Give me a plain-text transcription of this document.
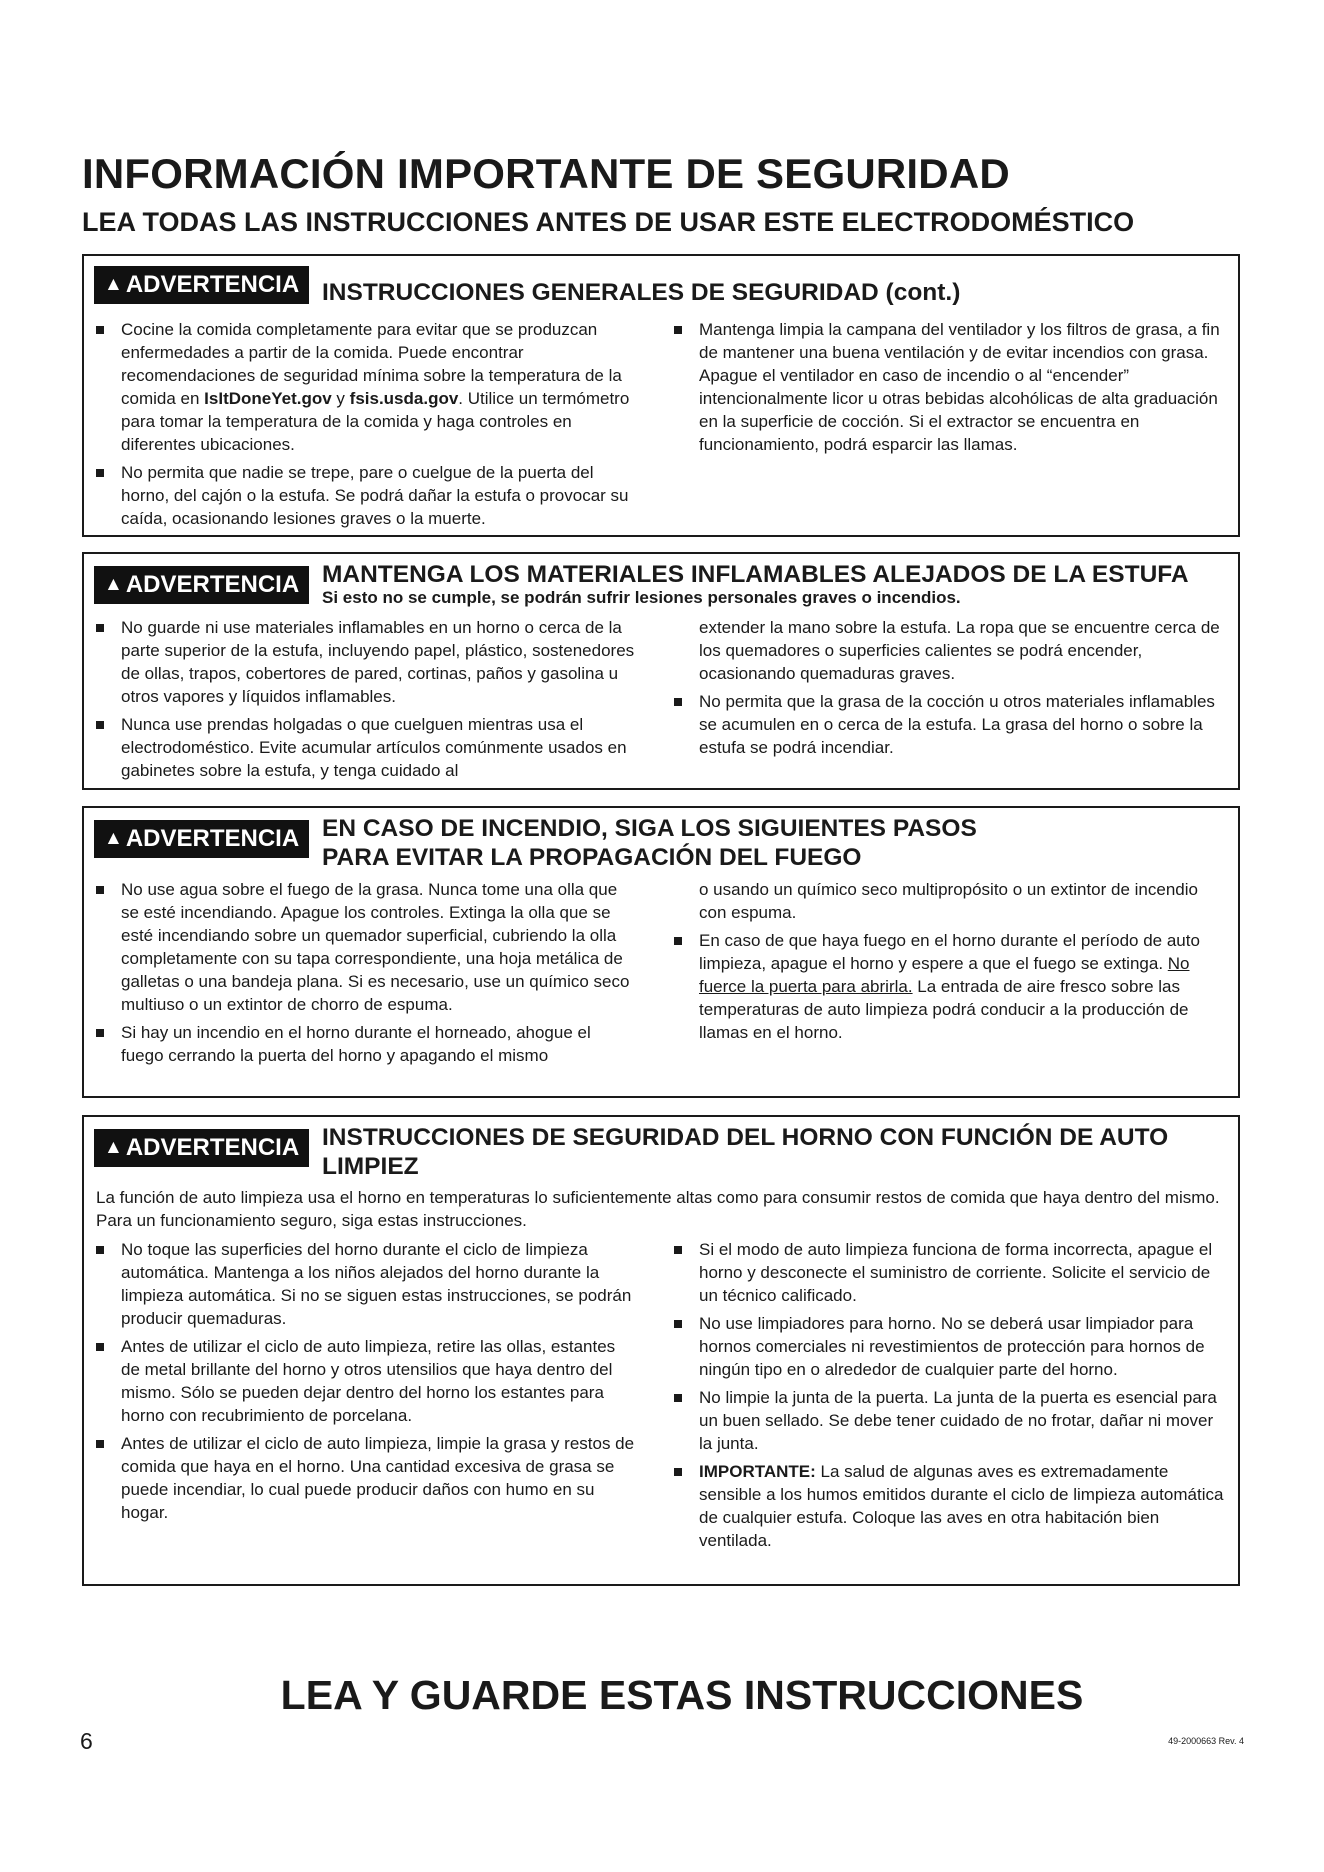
INFORMACIÓN IMPORTANTE DE SEGURIDAD
LEA TODAS LAS INSTRUCCIONES ANTES DE USAR ESTE ELECTRODOMÉSTICO
▲ ADVERTENCIA INSTRUCCIONES GENERALES DE SEGURIDAD (cont.)
Cocine la comida completamente para evitar que se produzcan enfermedades a partir de la comida. Puede encontrar recomendaciones de seguridad mínima sobre la temperatura de la comida en IsItDoneYet.gov y fsis.usda.gov. Utilice un termómetro para tomar la temperatura de la comida y haga controles en diferentes ubicaciones.
No permita que nadie se trepe, pare o cuelgue de la puerta del horno, del cajón o la estufa. Se podrá dañar la estufa o provocar su caída, ocasionando lesiones graves o la muerte.
Mantenga limpia la campana del ventilador y los filtros de grasa, a fin de mantener una buena ventilación y de evitar incendios con grasa. Apague el ventilador en caso de incendio o al “encender” intencionalmente licor u otras bebidas alcohólicas de alta graduación en la superficie de cocción. Si el extractor se encuentra en funcionamiento, podrá esparcir las llamas.
▲ ADVERTENCIA MANTENGA LOS MATERIALES INFLAMABLES ALEJADOS DE LA ESTUFA
Si esto no se cumple, se podrán sufrir lesiones personales graves o incendios.
No guarde ni use materiales inflamables en un horno o cerca de la parte superior de la estufa, incluyendo papel, plástico, sostenedores de ollas, trapos, cobertores de pared, cortinas, paños y gasolina u otros vapores y líquidos inflamables.
Nunca use prendas holgadas o que cuelguen mientras usa el electrodoméstico. Evite acumular artículos comúnmente usados en gabinetes sobre la estufa, y tenga cuidado al
extender la mano sobre la estufa. La ropa que se encuentre cerca de los quemadores o superficies calientes se podrá encender, ocasionando quemaduras graves.
No permita que la grasa de la cocción u otros materiales inflamables se acumulen en o cerca de la estufa. La grasa del horno o sobre la estufa se podrá incendiar.
▲ ADVERTENCIA EN CASO DE INCENDIO, SIGA LOS SIGUIENTES PASOS
PARA EVITAR LA PROPAGACIÓN DEL FUEGO
No use agua sobre el fuego de la grasa. Nunca tome una olla que se esté incendiando. Apague los controles. Extinga la olla que se esté incendiando sobre un quemador superficial, cubriendo la olla completamente con su tapa correspondiente, una hoja metálica de galletas o una bandeja plana. Si es necesario, use un químico seco multiuso o un extintor de chorro de espuma.
Si hay un incendio en el horno durante el horneado, ahogue el fuego cerrando la puerta del horno y apagando el mismo
o usando un químico seco multipropósito o un extintor de incendio con espuma.
En caso de que haya fuego en el horno durante el período de auto limpieza, apague el horno y espere a que el fuego se extinga. No fuerce la puerta para abrirla. La entrada de aire fresco sobre las temperaturas de auto limpieza podrá conducir a la producción de llamas en el horno.
▲ ADVERTENCIA INSTRUCCIONES DE SEGURIDAD DEL HORNO CON FUNCIÓN DE AUTO LIMPIEZ

La función de auto limpieza usa el horno en temperaturas lo suficientemente altas como para consumir restos de comida que haya dentro del mismo. Para un funcionamiento seguro, siga estas instrucciones.

No toque las superficies del horno durante el ciclo de limpieza automática. Mantenga a los niños alejados del horno durante la limpieza automática. Si no se siguen estas instrucciones, se podrán producir quemaduras.
Antes de utilizar el ciclo de auto limpieza, retire las ollas, estantes de metal brillante del horno y otros utensilios que haya dentro del mismo. Sólo se pueden dejar dentro del horno los estantes para horno con recubrimiento de porcelana.
Antes de utilizar el ciclo de auto limpieza, limpie la grasa y restos de comida que haya en el horno. Una cantidad excesiva de grasa se puede incendiar, lo cual puede producir daños con humo en su hogar.
Si el modo de auto limpieza funciona de forma incorrecta, apague el horno y desconecte el suministro de corriente. Solicite el servicio de un técnico calificado.
No use limpiadores para horno. No se deberá usar limpiador para hornos comerciales ni revestimientos de protección para hornos de ningún tipo en o alrededor de cualquier parte del horno.
No limpie la junta de la puerta. La junta de la puerta es esencial para un buen sellado. Se debe tener cuidado de no frotar, dañar ni mover la junta.
IMPORTANTE: La salud de algunas aves es extremadamente sensible a los humos emitidos durante el ciclo de limpieza automática de cualquier estufa. Coloque las aves en otra habitación bien ventilada.
LEA Y GUARDE ESTAS INSTRUCCIONES
6	49-2000663 Rev. 4
